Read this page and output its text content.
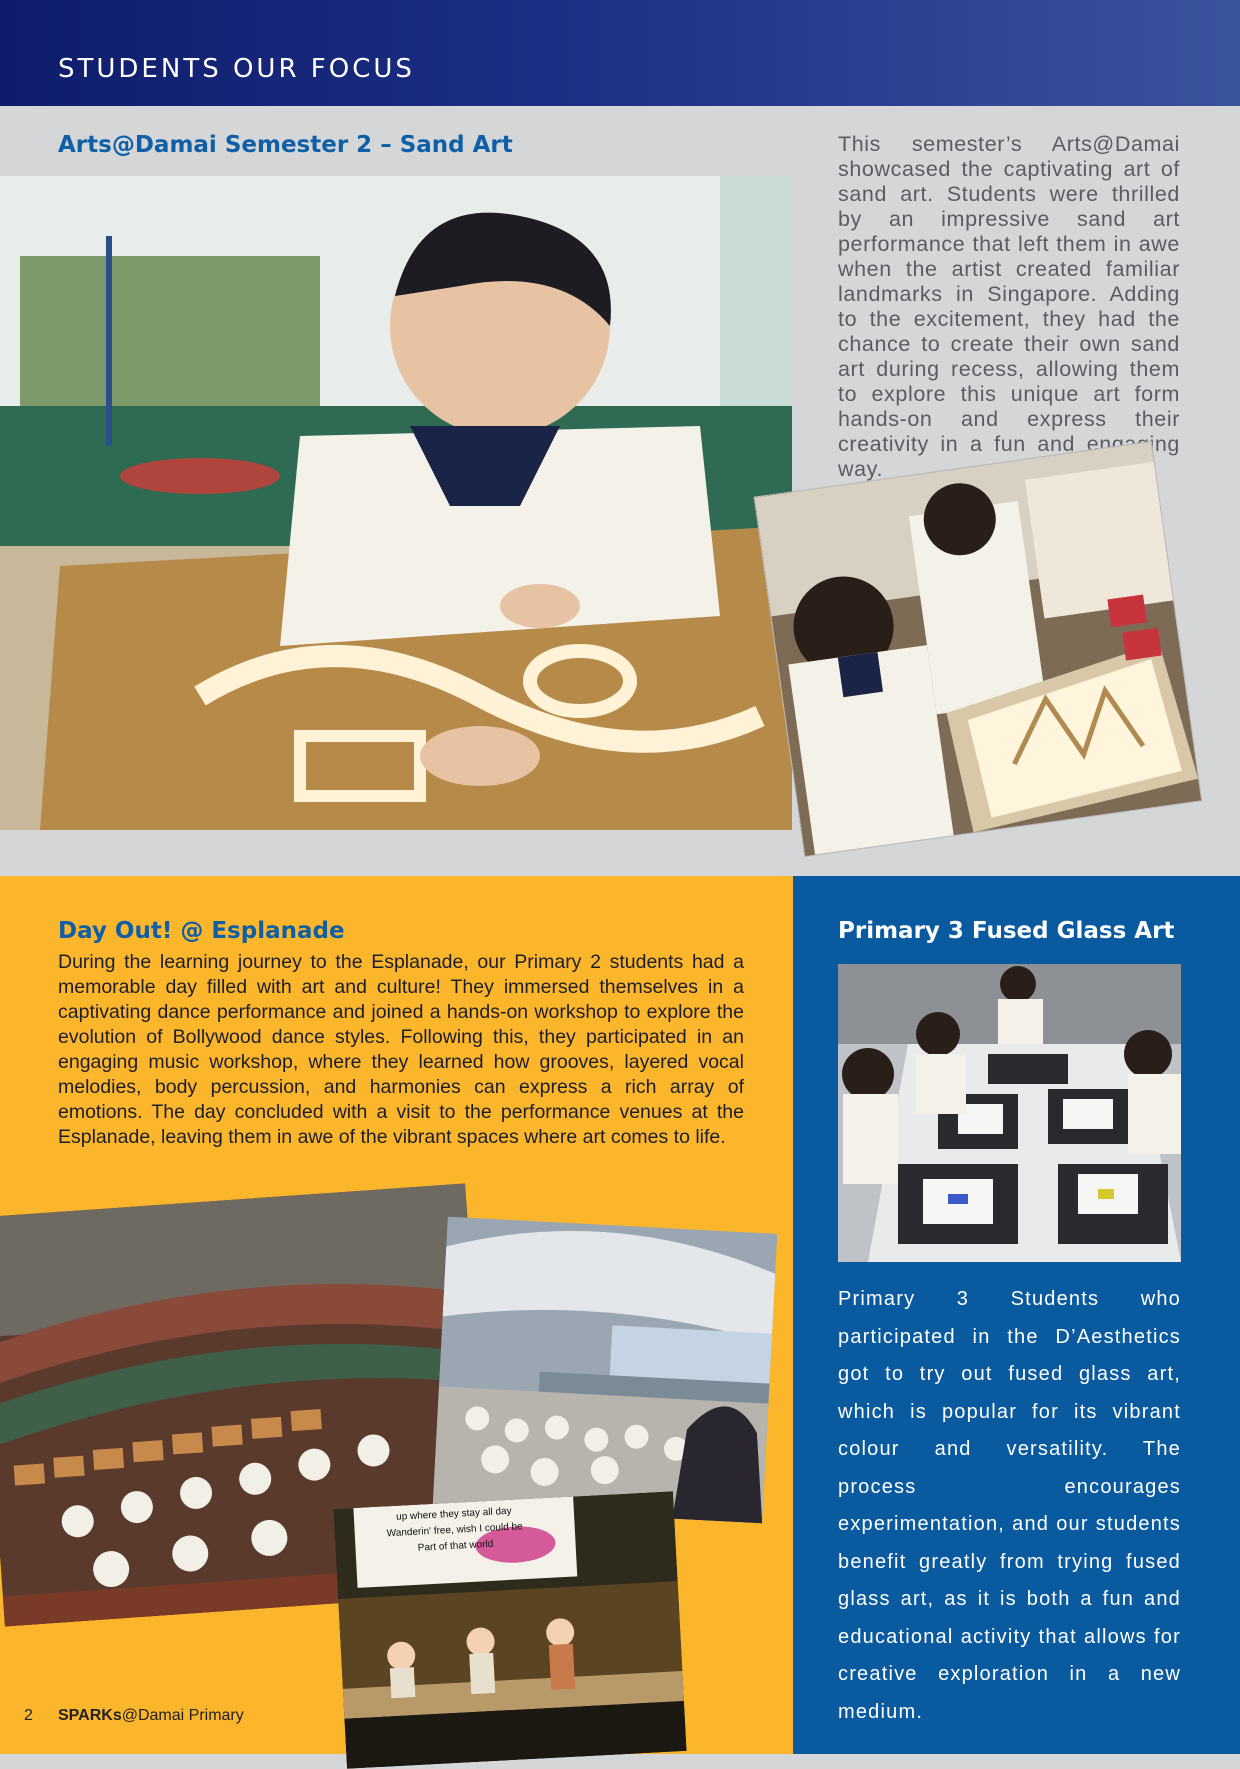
STUDENTS OUR FOCUS
Arts@Damai Semester 2 – Sand Art	This semester’s Arts@Damai showcased the captivating art of sand art. Students were thrilled by an impressive sand art performance that left them in awe when the artist created familiar landmarks in Singapore. Adding to the excitement, they had the chance to create their own sand art during recess, allowing them to explore this unique art form hands-on and express their creativity in a fun and engaging way.
Day Out! @ Esplanade
During the learning journey to the Esplanade, our Primary 2 students had a memorable day filled with art and culture! They immersed themselves in a captivating dance performance and joined a hands-on workshop to explore the evolution of Bollywood dance styles. Following this, they participated in an engaging music workshop, where they learned how grooves, layered vocal melodies, body percussion, and harmonies can express a rich array of emotions. The day concluded with a visit to the performance venues at the Esplanade, leaving them in awe of the vibrant spaces where art comes to life.
up where they stay all day
Wanderin' free, wish I could be
Part of that world
Primary 3 Fused Glass Art
Primary 3 Students who participated in the D’Aesthetics got to try out fused glass art, which is popular for its vibrant colour and versatility. The process encourages experimentation, and our students benefit greatly from trying fused glass art, as it is both a fun and educational activity that allows for creative exploration in a new medium.
2 SPARKs@Damai Primary
